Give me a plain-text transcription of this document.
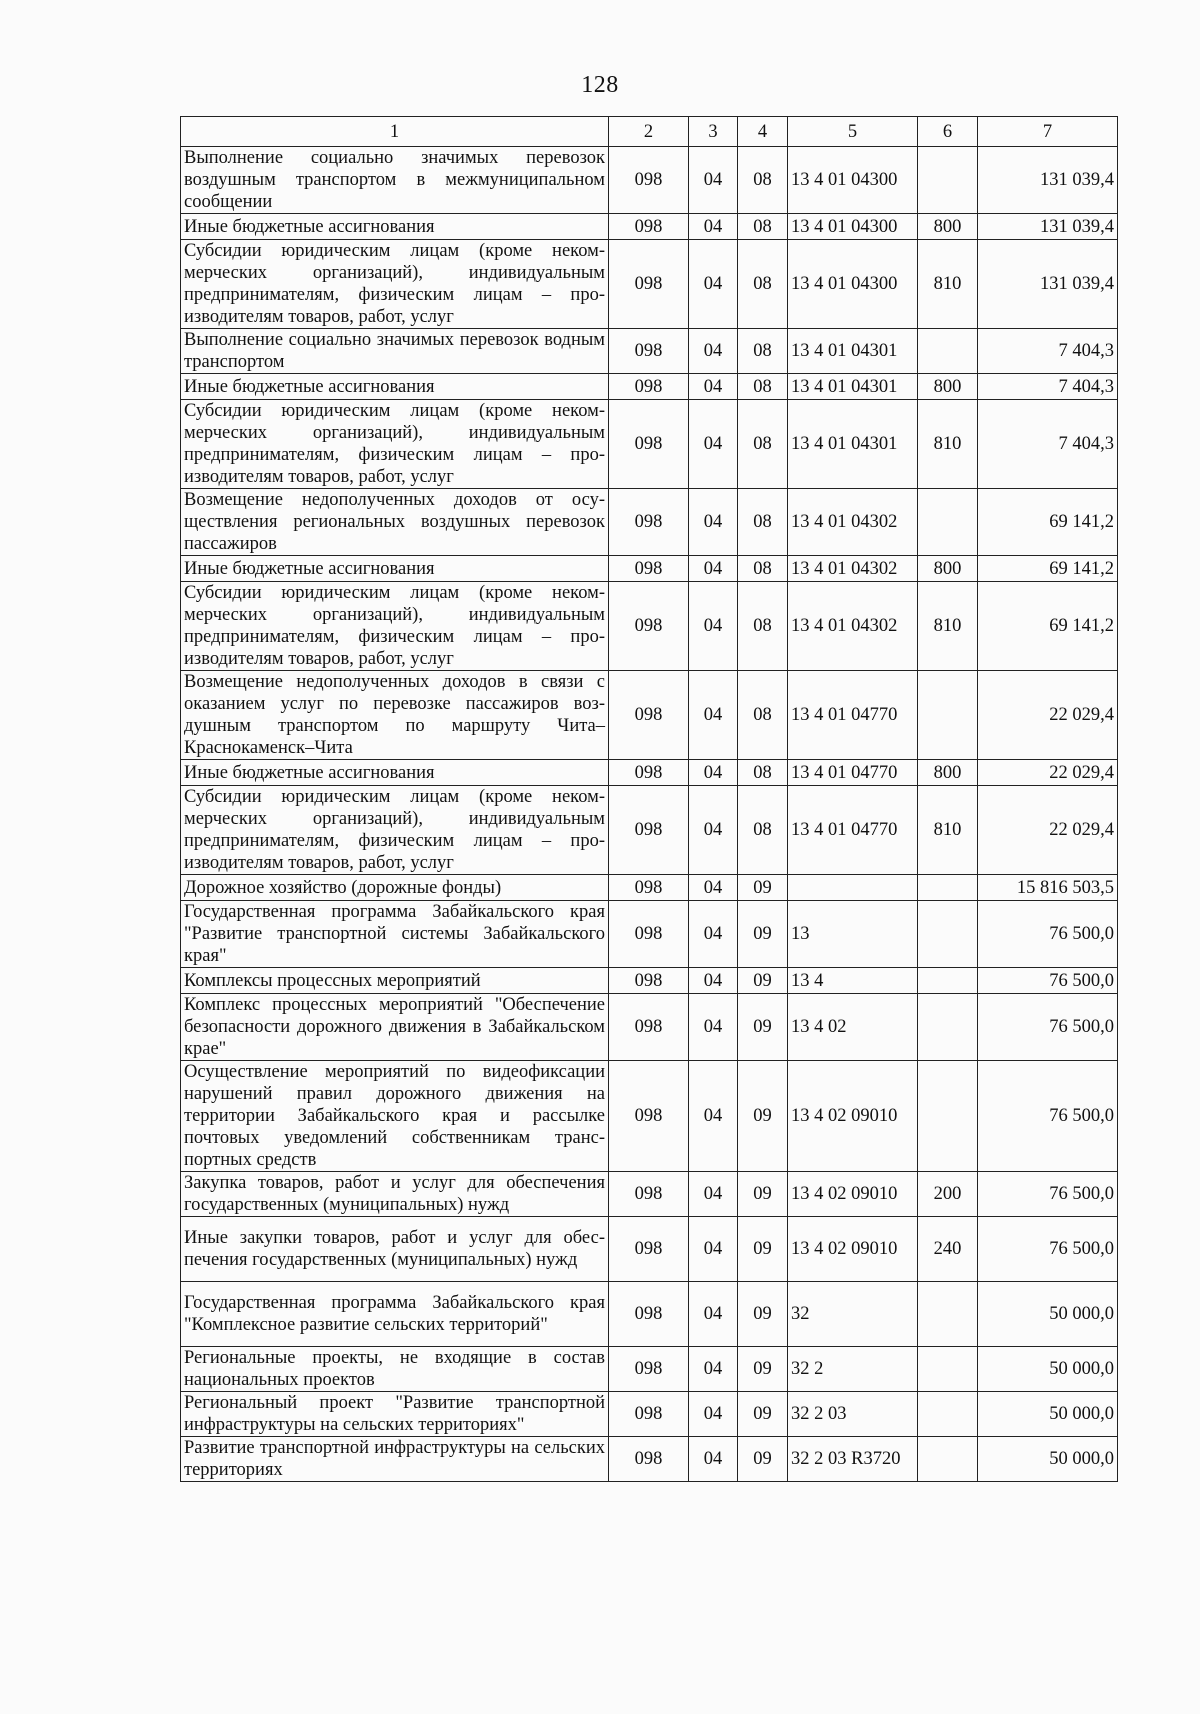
128
1	2	3	4	5	6	7
Выполнение социально значимых перевозок воздушным транспортом в межмуниципальном сообщении	098	04	08	13 4 01 04300		131 039,4
Иные бюджетные ассигнования	098	04	08	13 4 01 04300	800	131 039,4
Субсидии юридическим лицам (кроме некоммерческих организаций), индивидуальным предпринимателям, физическим лицам – производителям товаров, работ, услуг	098	04	08	13 4 01 04300	810	131 039,4
Выполнение социально значимых перевозок водным транспортом	098	04	08	13 4 01 04301		7 404,3
Иные бюджетные ассигнования	098	04	08	13 4 01 04301	800	7 404,3
Субсидии юридическим лицам (кроме некоммерческих организаций), индивидуальным предпринимателям, физическим лицам – производителям товаров, работ, услуг	098	04	08	13 4 01 04301	810	7 404,3
Возмещение недополученных доходов от осуществления региональных воздушных перевозок пассажиров	098	04	08	13 4 01 04302		69 141,2
Иные бюджетные ассигнования	098	04	08	13 4 01 04302	800	69 141,2
Субсидии юридическим лицам (кроме некоммерческих организаций), индивидуальным предпринимателям, физическим лицам – производителям товаров, работ, услуг	098	04	08	13 4 01 04302	810	69 141,2
Возмещение недополученных доходов в связи с оказанием услуг по перевозке пассажиров воздушным транспортом по маршруту Чита–Краснокаменск–Чита	098	04	08	13 4 01 04770		22 029,4
Иные бюджетные ассигнования	098	04	08	13 4 01 04770	800	22 029,4
Субсидии юридическим лицам (кроме некоммерческих организаций), индивидуальным предпринимателям, физическим лицам – производителям товаров, работ, услуг	098	04	08	13 4 01 04770	810	22 029,4
Дорожное хозяйство (дорожные фонды)	098	04	09			15 816 503,5
Государственная программа Забайкальского края "Развитие транспортной системы Забайкальского края"	098	04	09	13		76 500,0
Комплексы процессных мероприятий	098	04	09	13 4		76 500,0
Комплекс процессных мероприятий "Обеспечение безопасности дорожного движения в Забайкальском крае"	098	04	09	13 4 02		76 500,0
Осуществление мероприятий по видеофиксации нарушений правил дорожного движения на территории Забайкальского края и рассылке почтовых уведомлений собственникам транспортных средств	098	04	09	13 4 02 09010		76 500,0
Закупка товаров, работ и услуг для обеспечения государственных (муниципальных) нужд	098	04	09	13 4 02 09010	200	76 500,0
Иные закупки товаров, работ и услуг для обеспечения государственных (муниципальных) нужд	098	04	09	13 4 02 09010	240	76 500,0
Государственная программа Забайкальского края "Комплексное развитие сельских территорий"	098	04	09	32		50 000,0
Региональные проекты, не входящие в состав национальных проектов	098	04	09	32 2		50 000,0
Региональный проект "Развитие транспортной инфраструктуры на сельских территориях"	098	04	09	32 2 03		50 000,0
Развитие транспортной инфраструктуры на сельских территориях	098	04	09	32 2 03 R3720		50 000,0
